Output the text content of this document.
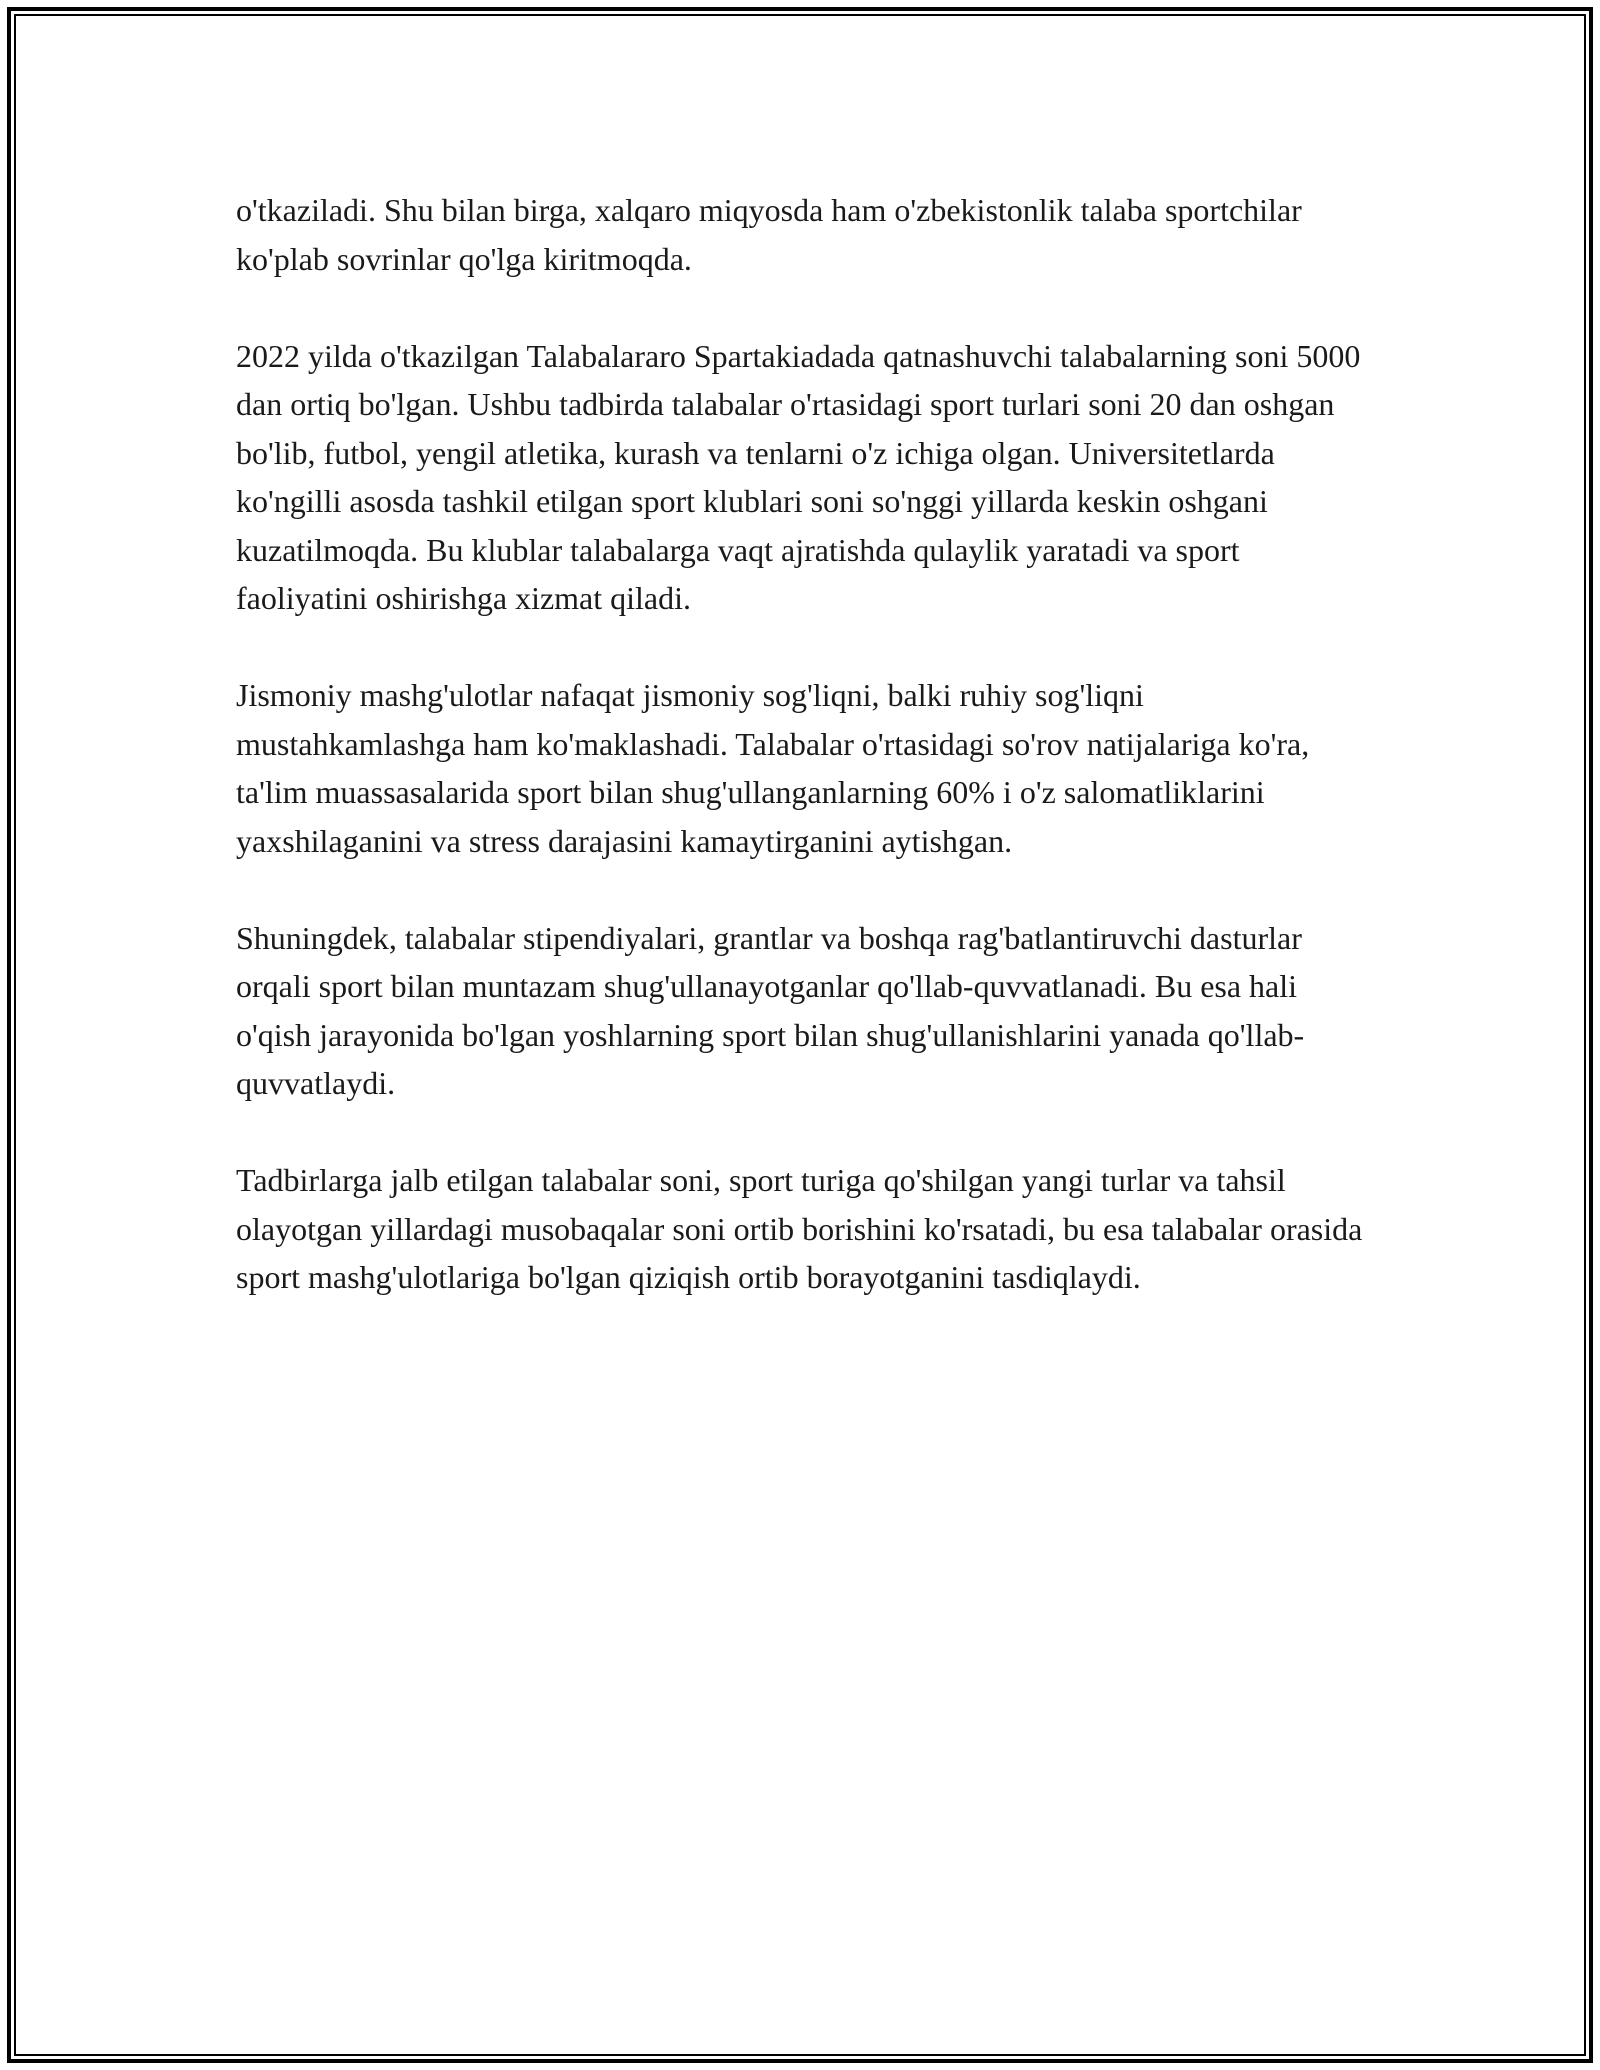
o'tkaziladi. Shu bilan birga, xalqaro miqyosda ham o'zbekistonlik talaba sportchilar ko'plab sovrinlar qo'lga kiritmoqda.

2022 yilda o'tkazilgan Talabalararo Spartakiadada qatnashuvchi talabalarning soni 5000 dan ortiq bo'lgan. Ushbu tadbirda talabalar o'rtasidagi sport turlari soni 20 dan oshgan bo'lib, futbol, yengil atletika, kurash va tenlarni o'z ichiga olgan. Universitetlarda ko'ngilli asosda tashkil etilgan sport klublari soni so'nggi yillarda keskin oshgani kuzatilmoqda. Bu klublar talabalarga vaqt ajratishda qulaylik yaratadi va sport faoliyatini oshirishga xizmat qiladi.

Jismoniy mashg'ulotlar nafaqat jismoniy sog'liqni, balki ruhiy sog'liqni mustahkamlashga ham ko'maklashadi. Talabalar o'rtasidagi so'rov natijalariga ko'ra, ta'lim muassasalarida sport bilan shug'ullanganlarning 60% i o'z salomatliklarini yaxshilaganini va stress darajasini kamaytirganini aytishgan.

Shuningdek, talabalar stipendiyalari, grantlar va boshqa rag'batlantiruvchi dasturlar orqali sport bilan muntazam shug'ullanayotganlar qo'llab-quvvatlanadi. Bu esa hali o'qish jarayonida bo'lgan yoshlarning sport bilan shug'ullanishlarini yanada qo'llab-quvvatlaydi.

Tadbirlarga jalb etilgan talabalar soni, sport turiga qo'shilgan yangi turlar va tahsil olayotgan yillardagi musobaqalar soni ortib borishini ko'rsatadi, bu esa talabalar orasida sport mashg'ulotlariga bo'lgan qiziqish ortib borayotganini tasdiqlaydi.
